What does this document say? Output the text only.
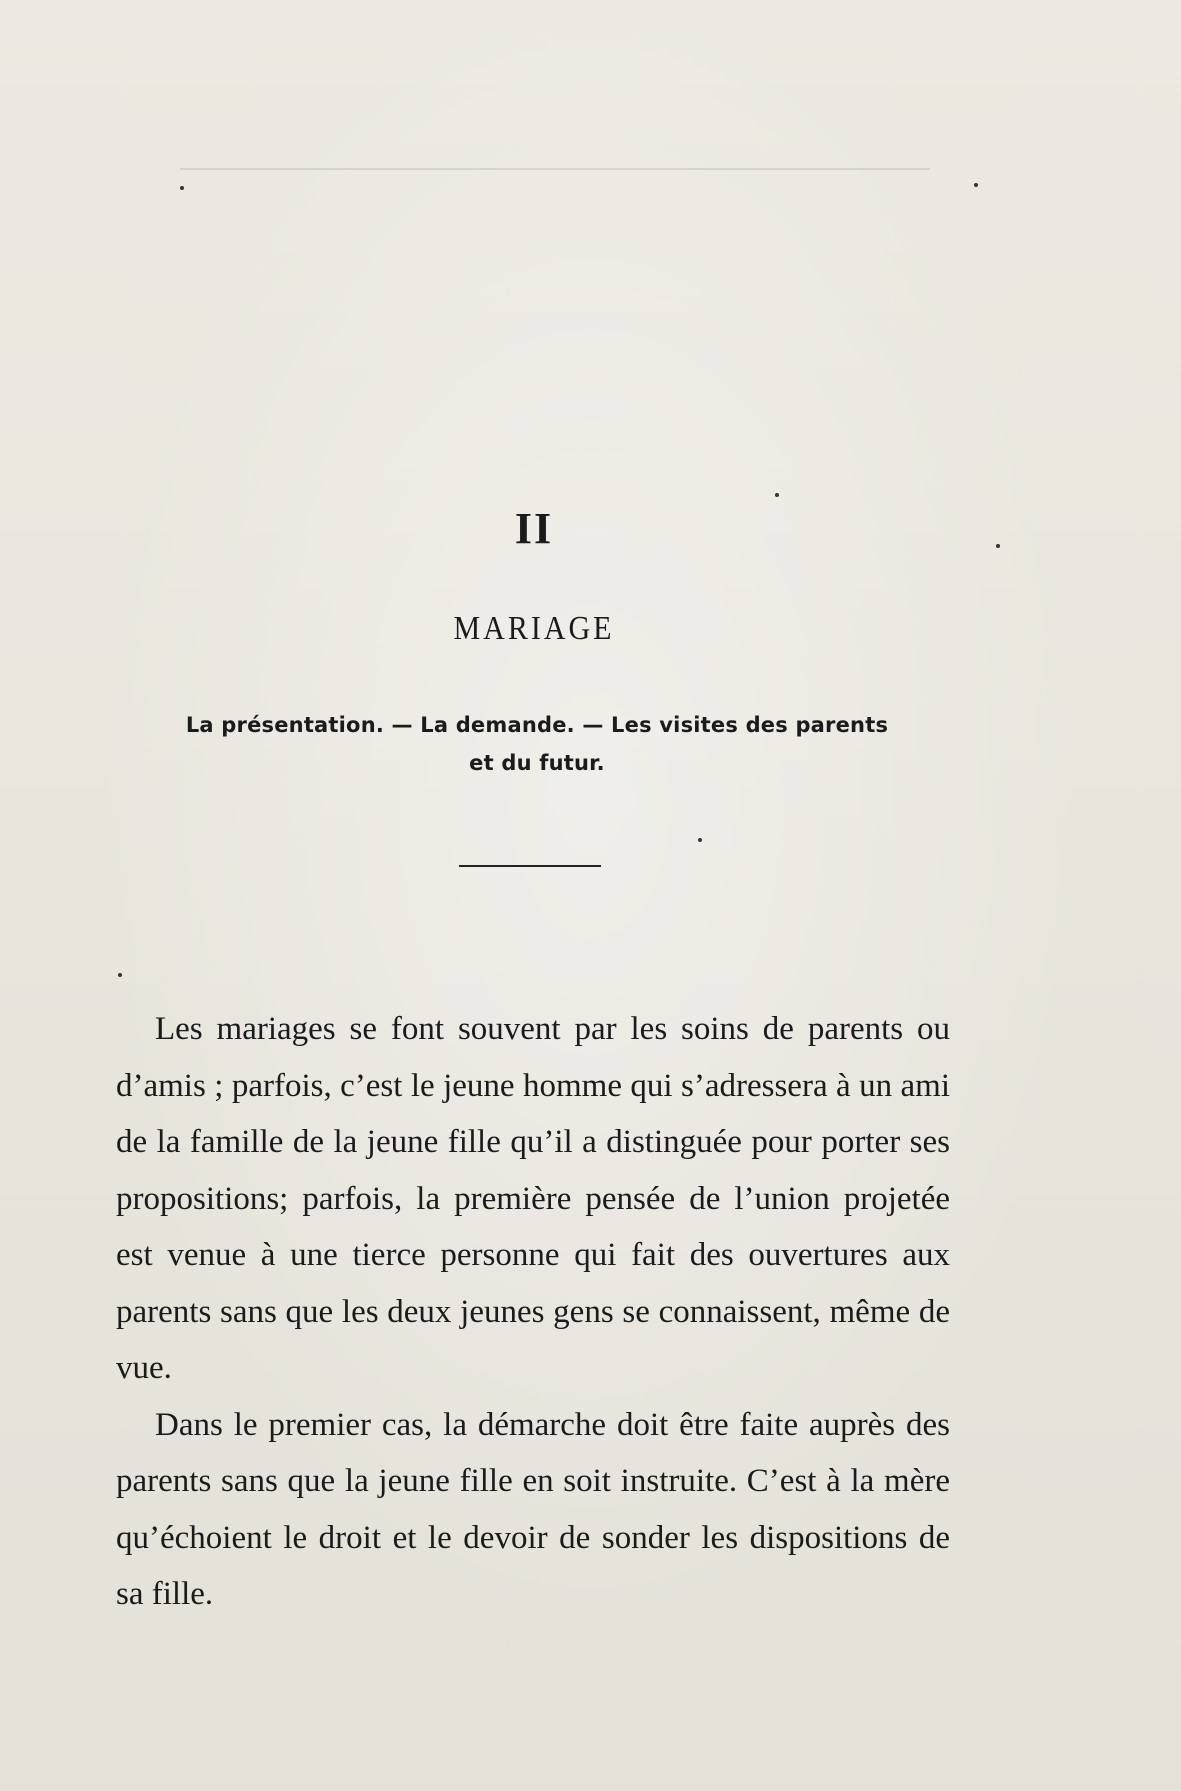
II
MARIAGE
La présentation. — La demande. — Les visites des parents
et du futur.

Les mariages se font souvent par les soins de parents ou d’amis ; parfois, c’est le jeune homme qui s’adressera à un ami de la famille de la jeune fille qu’il a distinguée pour porter ses propositions; parfois, la première pensée de l’union projetée est venue à une tierce personne qui fait des ouvertures aux parents sans que les deux jeunes gens se connaissent, même de vue.

Dans le premier cas, la démarche doit être faite auprès des parents sans que la jeune fille en soit instruite. C’est à la mère qu’échoient le droit et le devoir de sonder les dispositions de sa fille.
